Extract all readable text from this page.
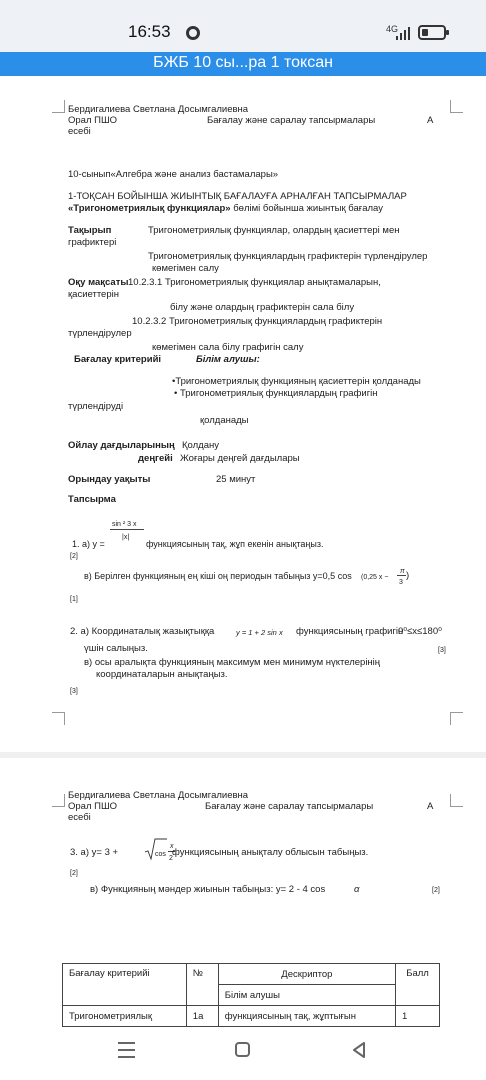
16:53	4G
БЖБ 10 сы...ра 1 токсан
Бердигалиева Светлана Досымгалиевна
Орал ПШО	Бағалау және саралау тапсырмалары	А
есебі
10-сынып«Алгебра және анализ бастамалары»
1-ТОҚСАН БОЙЫНША ЖИЫНТЫҚ БАҒАЛАУҒА АРНАЛҒАН ТАПСЫРМАЛАР
«Тригонометриялық функциялар» бөлімі бойынша жиынтық бағалау
Тақырып	Тригонометриялық функциялар, олардың қасиеттері мен
графиктері
Тригонометриялық функциялардың графиктерін түрлендірулер
көмегімен салу
Оқу мақсаты 10.2.3.1 Тригонометриялық функциялар анықтамаларын,
қасиеттерін
білу және олардың графиктерін сала білу
10.2.3.2 Тригонометриялық функциялардың графиктерін
түрлендірулер
көмегімен сала білу графигін салу
Бағалау критерийі	Білім алушы:
•Тригонометриялық функцияның қасиеттерін қолданады
• Тригонометриялық функциялардың графигін
түрлендіруді
қолданады
Ойлау дағдыларының Қолдану
деңгейі Жоғары деңгей дағдылары
Орындау уақыты	25 минут
Тапсырма
sin ² 3 x
|x|
1. а) y =	функциясының тақ, жұп екенін анықтаңыз.
[2]
в) Берілген функцияның ең кіші оң периодын табыңыз y=0,5 cos (0,25 x −
π
3
)
[1]
2. а) Координаталық жазықтыққа	y = 1 + 2 sin x функциясының графигін
0⁰≤x≤180⁰
үшін салыңыз.	[3]
в) осы аралықта функцияның максимум мен минимум нүктелерінің
координаталарын анықтаңыз.
[3]
Бердигалиева Светлана Досымгалиевна
Орал ПШО	Бағалау және саралау тапсырмалары	А
есебі
3. а) y= 3 +	cos
x
2
функциясының анықталу облысын табыңыз.
[2]
в) Функцияның мәндер жиынын табыңыз: y= 2 - 4 cos	α	[2]
Бағалау критерийі	№	Дескриптор	Балл
		Білім алушы	
Тригонометриялық	1а	функциясының тақ, жұптығын	1
